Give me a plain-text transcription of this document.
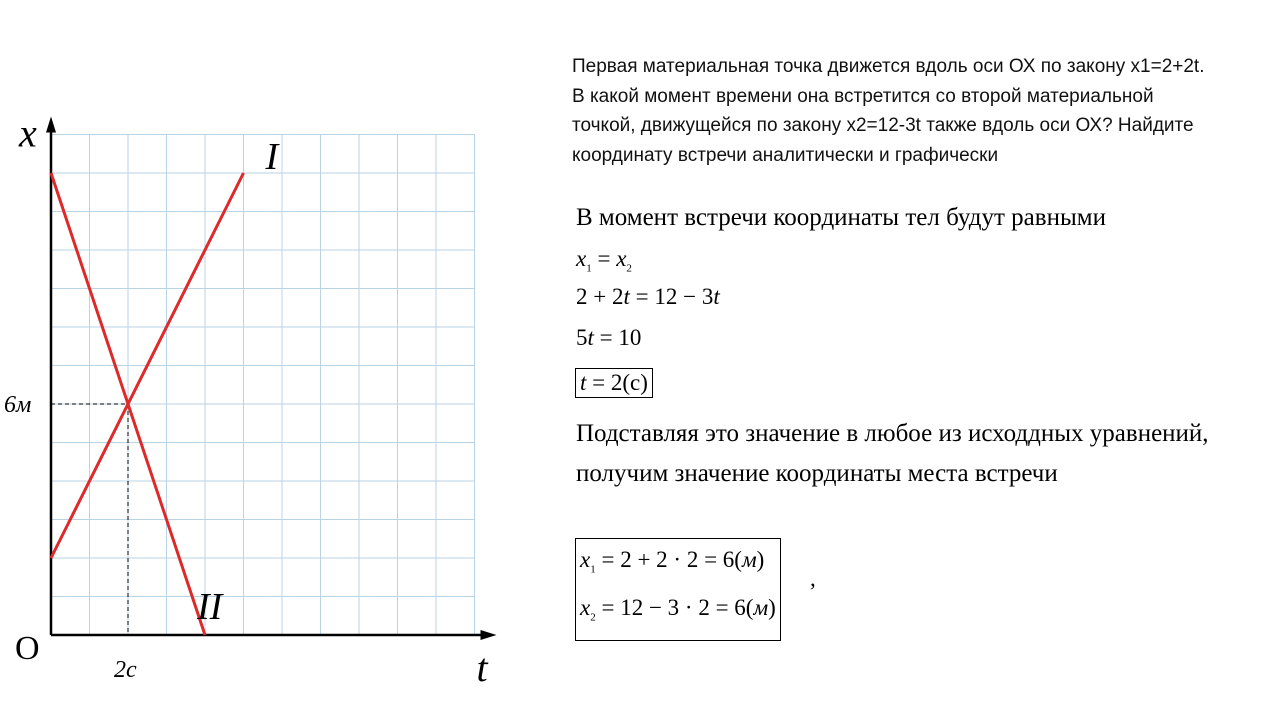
I
II
x
t
O
6м
2с
Первая материальная точка движется вдоль оси ОХ по закону х1=2+2t. В какой момент времени она встретится со второй материальной точкой, движущейся по закону х2=12-3t также вдоль оси ОХ? Найдите координату встречи аналитически и графически
В момент встречи координаты тел будут равными
$x_1 = x_2$
2 + 2t = 12 − 3t
5t = 10
t = 2(с)
Подставляя это значение в любое из исходдных уравнений, получим значение координаты места встречи
$x_1 = 2 + 2 \cdot 2 = 6(м)$
$x_2 = 12 - 3 \cdot 2 = 6(м)$
,
